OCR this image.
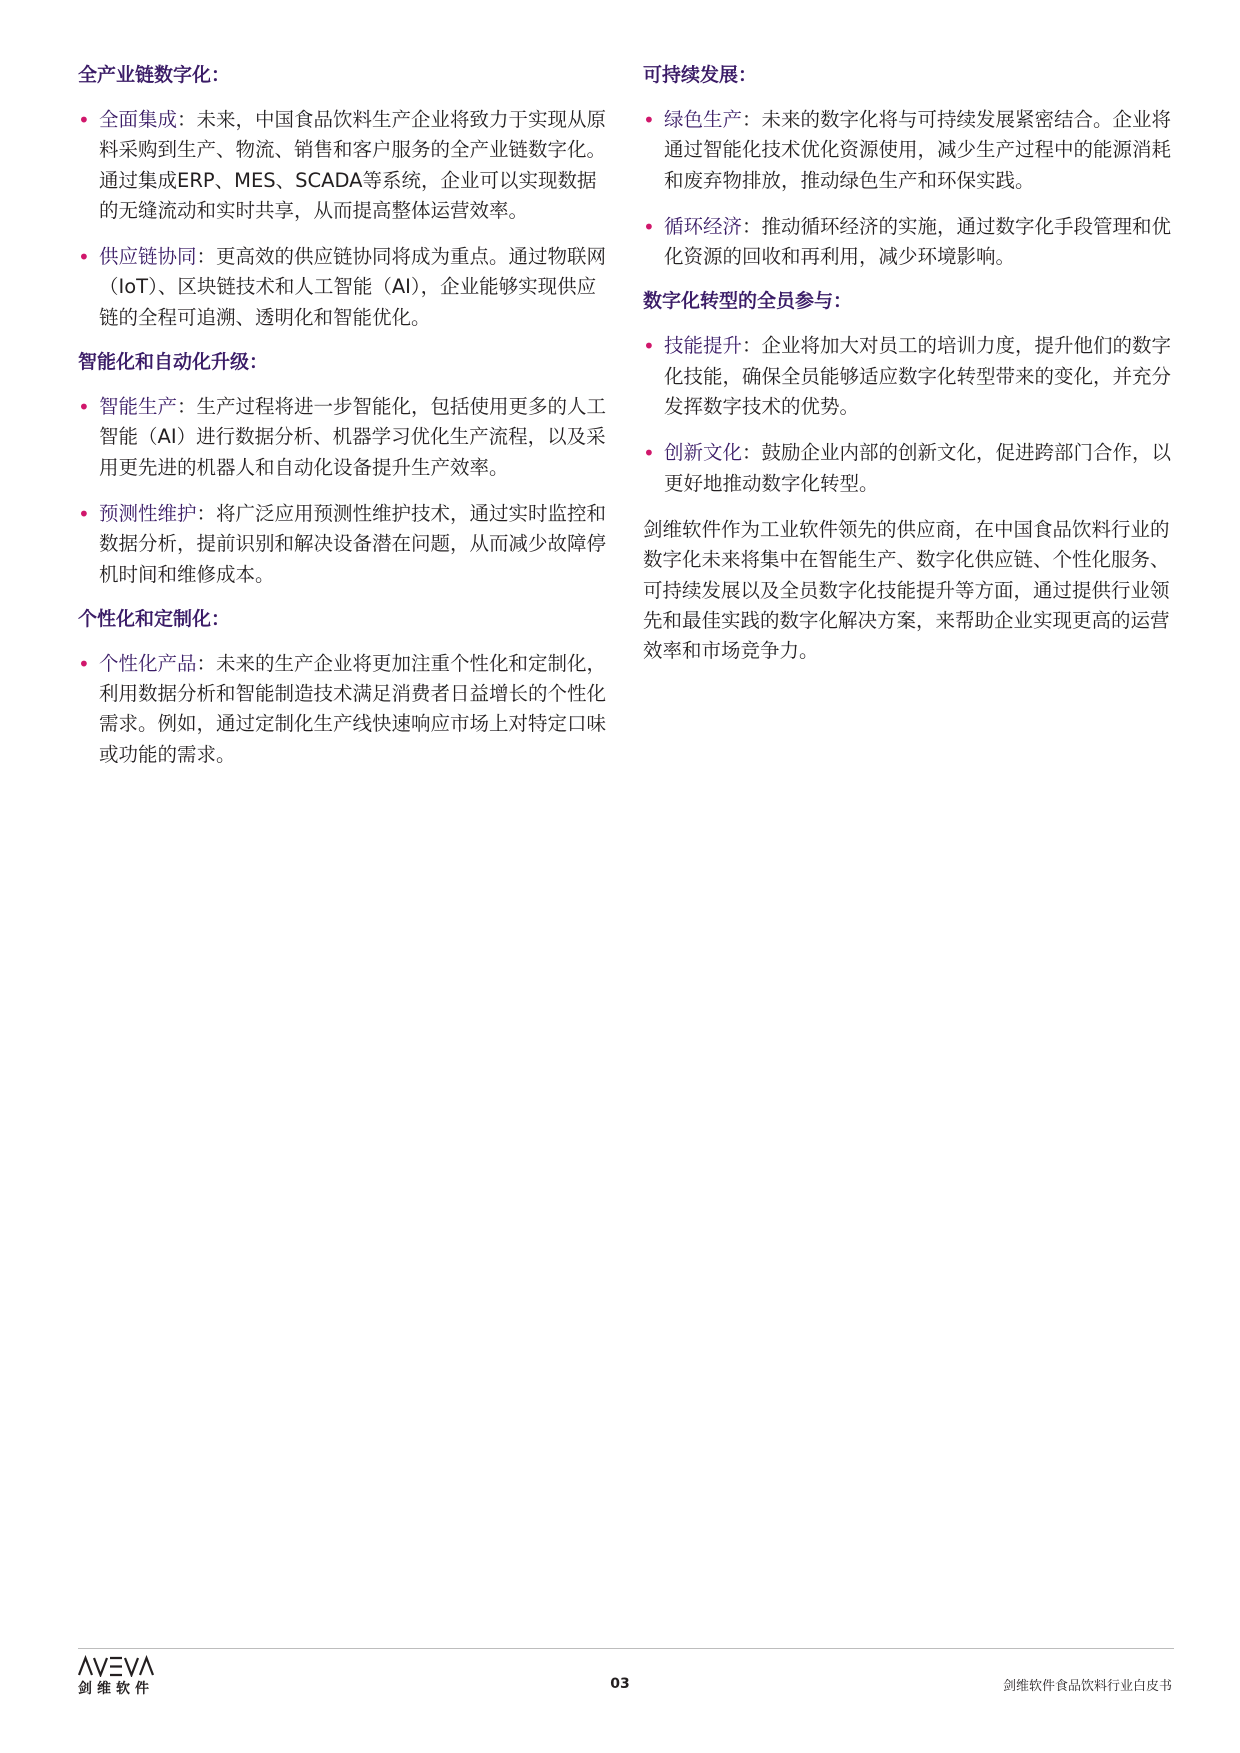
全产业链数字化：
• 全面集成：未来，中国食品饮料生产企业将致力于实现从原料采购到生产、物流、销售和客户服务的全产业链数字化。通过集成ERP、MES、SCADA等系统，企业可以实现数据的无缝流动和实时共享，从而提高整体运营效率。
• 供应链协同：更高效的供应链协同将成为重点。通过物联网（IoT）、区块链技术和人工智能（AI），企业能够实现供应链的全程可追溯、透明化和智能优化。
智能化和自动化升级：
• 智能生产：生产过程将进一步智能化，包括使用更多的人工智能（AI）进行数据分析、机器学习优化生产流程，以及采用更先进的机器人和自动化设备提升生产效率。
• 预测性维护：将广泛应用预测性维护技术，通过实时监控和数据分析，提前识别和解决设备潜在问题，从而减少故障停机时间和维修成本。
个性化和定制化：
• 个性化产品：未来的生产企业将更加注重个性化和定制化，利用数据分析和智能制造技术满足消费者日益增长的个性化需求。例如，通过定制化生产线快速响应市场上对特定口味或功能的需求。
可持续发展：
• 绿色生产：未来的数字化将与可持续发展紧密结合。企业将通过智能化技术优化资源使用，减少生产过程中的能源消耗和废弃物排放，推动绿色生产和环保实践。
• 循环经济：推动循环经济的实施，通过数字化手段管理和优化资源的回收和再利用，减少环境影响。
数字化转型的全员参与：
• 技能提升：企业将加大对员工的培训力度，提升他们的数字化技能，确保全员能够适应数字化转型带来的变化，并充分发挥数字技术的优势。
• 创新文化：鼓励企业内部的创新文化，促进跨部门合作，以更好地推动数字化转型。

剑维软件作为工业软件领先的供应商，在中国食品饮料行业的数字化未来将集中在智能生产、数字化供应链、个性化服务、可持续发展以及全员数字化技能提升等方面，通过提供行业领先和最佳实践的数字化解决方案，来帮助企业实现更高的运营效率和市场竞争力。

剑维软件	03	剑维软件食品饮料行业白皮书
